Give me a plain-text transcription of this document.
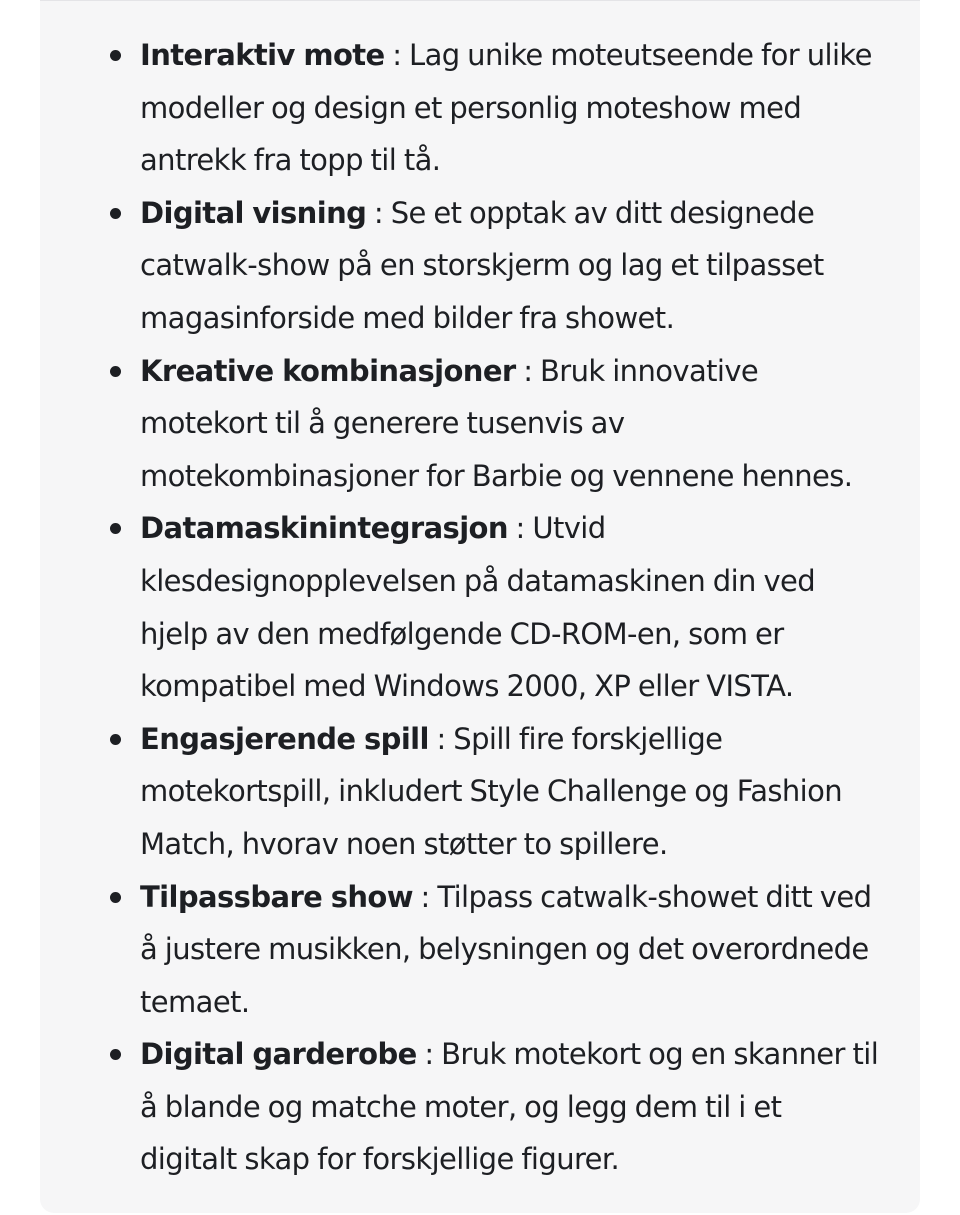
Interaktiv mote : Lag unike moteutseende for ulike modeller og design et personlig moteshow med antrekk fra topp til tå.
Digital visning : Se et opptak av ditt designede catwalk-show på en storskjerm og lag et tilpasset magasinforside med bilder fra showet.
Kreative kombinasjoner : Bruk innovative motekort til å generere tusenvis av motekombinasjoner for Barbie og vennene hennes.
Datamaskinintegrasjon : Utvid klesdesignopplevelsen på datamaskinen din ved hjelp av den medfølgende CD-ROM-en, som er kompatibel med Windows 2000, XP eller VISTA.
Engasjerende spill : Spill fire forskjellige motekortspill, inkludert Style Challenge og Fashion Match, hvorav noen støtter to spillere.
Tilpassbare show : Tilpass catwalk-showet ditt ved å justere musikken, belysningen og det overordnede temaet.
Digital garderobe : Bruk motekort og en skanner til å blande og matche moter, og legg dem til i et digitalt skap for forskjellige figurer.
